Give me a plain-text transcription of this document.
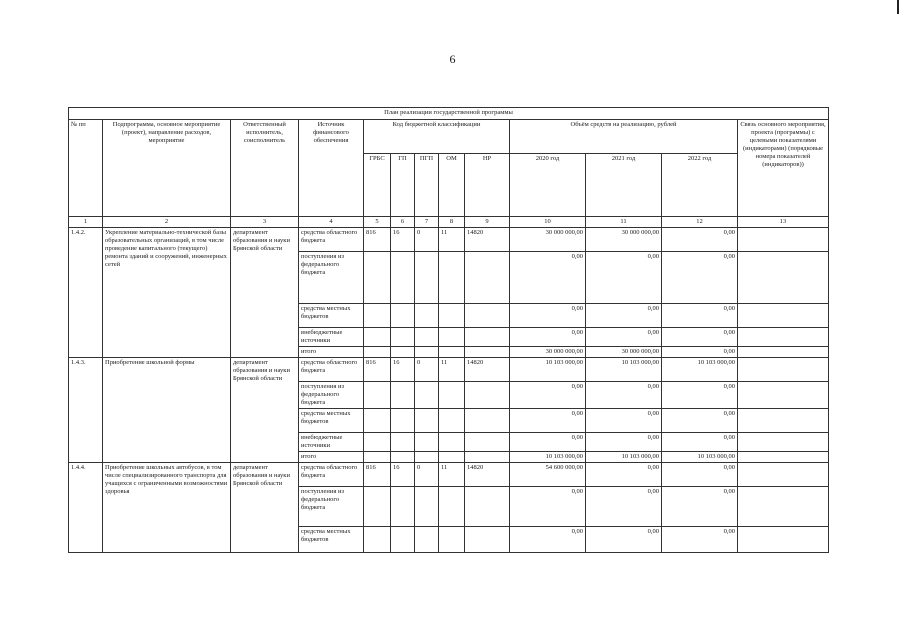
6
План реализации государственной программы												
№ пп	Подпрограмма, основное мероприятие (проект), направление расходов, мероприятие	Ответственный исполнитель, соисполнитель	Источник финансового обеспечения	Код бюджетной классификации					Объём средств на реализацию, рублей			Связь основного мероприятия, проекта (программы) с целевыми показателями (индикаторами) (порядковые номера показателей (индикаторов))
				ГРБС	ГП	ПГП	ОМ	НР	2020 год	2021 год	2022 год	
1	2	3	4	5	6	7	8	9	10	11	12	13
1.4.2.	Укрепление материально-технической базы образовательных организаций, в том числе проведение капитального (текущего) ремонта зданий и сооружений, инженерных сетей	департамент образования и науки Брянской области	средства областного бюджета	816	16	0	11	14820	30 000 000,00	30 000 000,00	0,00	
			поступления из федерального бюджета						0,00	0,00	0,00	
			средства местных бюджетов						0,00	0,00	0,00	
			внебюджетные источники						0,00	0,00	0,00	
			итого						30 000 000,00	30 000 000,00	0,00	
1.4.3.	Приобретение школьной формы	департамент образования и науки Брянской области	средства областного бюджета	816	16	0	11	14820	10 103 000,00	10 103 000,00	10 103 000,00	
			поступления из федерального бюджета						0,00	0,00	0,00	
			средства местных бюджетов						0,00	0,00	0,00	
			внебюджетные источники						0,00	0,00	0,00	
			итого						10 103 000,00	10 103 000,00	10 103 000,00	
1.4.4.	Приобретение школьных автобусов, в том числе специализированного транспорта для учащихся с ограниченными возможностями здоровья	департамент образования и науки Брянской области	средства областного бюджета	816	16	0	11	14820	54 600 000,00	0,00	0,00	
			поступления из федерального бюджета						0,00	0,00	0,00	
			средства местных бюджетов						0,00	0,00	0,00	
